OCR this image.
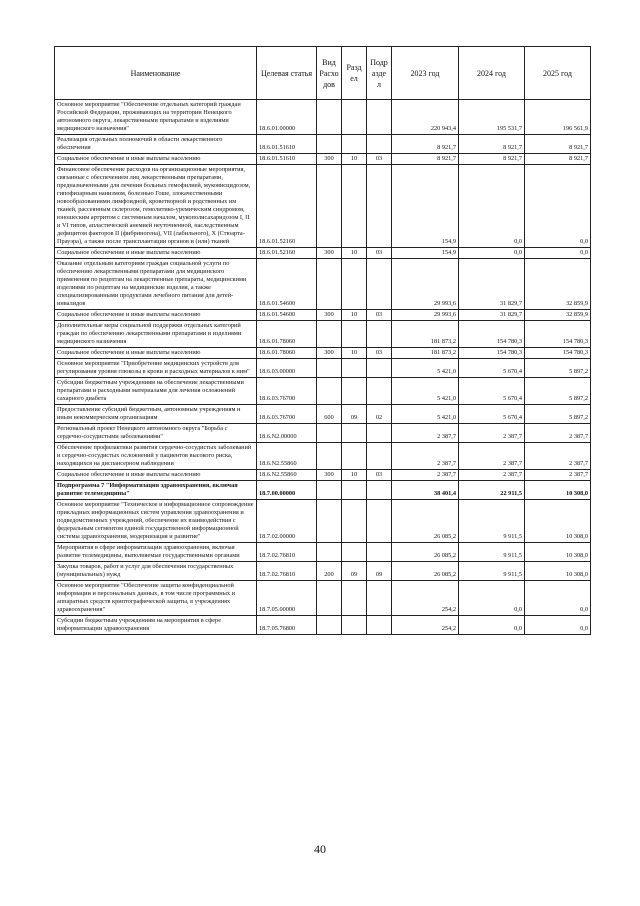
Наименование	Целевая статья	Вид Расхо дов	Разд ел	Подр азде л	2023 год	2024 год	2025 год
Основное мероприятие "Обеспечение отдельных категорий граждан Российской Федерации, проживающих на территории Ненецкого автономного округа, лекарственными препаратами и изделиями медицинского назначения"	18.6.01.00000				220 943,4	195 531,7	196 561,9
Реализация отдельных полномочий в области лекарственного обеспечения	18.6.01.51610				8 921,7	8 921,7	8 921,7
Социальное обеспечение и иные выплаты населению	18.6.01.51610	300	10	03	8 921,7	8 921,7	8 921,7
Финансовое обеспечение расходов на организационные мероприятия, связанные с обеспечением лиц лекарственными препаратами, предназначенными для лечения больных гемофилией, муковисцидозом, гипофизарным нанизмом, болезнью Гоше, злокачественными новообразованиями лимфоидной, кроветворной и родственных им тканей, рассеянным склерозом, гемолитико-уремическим синдромом, юношеским артритом с системным началом, мукополисахаридозом I, II и VI типов, апластической анемией неуточненной, наследственным дефицитом факторов II (фибриногена), VII (лабильного), X (Стюарта-Прауэра), а также после трансплантации органов и (или) тканей	18.6.01.52160				154,9	0,0	0,0
Социальное обеспечение и иные выплаты населению	18.6.01.52160	300	10	03	154,9	0,0	0,0
Оказание отдельным категориям граждан социальной услуги по обеспечению лекарственными препаратами для медицинского применения по рецептам на лекарственные препараты, медицинскими изделиями по рецептам на медицинские изделия, а также специализированными продуктами лечебного питания для детей-инвалидов	18.6.01.54600				29 993,6	31 829,7	32 859,9
Социальное обеспечение и иные выплаты населению	18.6.01.54600	300	10	03	29 993,6	31 829,7	32 859,9
Дополнительные меры социальной поддержки отдельных категорий граждан по обеспечению лекарственными препаратами и изделиями медицинского назначения	18.6.01.78060				181 873,2	154 780,3	154 780,3
Социальное обеспечение и иные выплаты населению	18.6.01.78060	300	10	03	181 873,2	154 780,3	154 780,3
Основное мероприятие "Приобретение медицинских устройств для регулирования уровня глюкозы в крови и расходных материалов к ним"	18.6.03.00000				5 421,0	5 670,4	5 897,2
Субсидии бюджетным учреждениям на обеспечение лекарственными препаратами и расходными материалами для лечения осложнений сахарного диабета	18.6.03.76700				5 421,0	5 670,4	5 897,2
Предоставление субсидий бюджетным, автономным учреждениям и иным некоммерческим организациям	18.6.03.76700	600	09	02	5 421,0	5 670,4	5 897,2
Региональный проект Ненецкого автономного округа "Борьба с сердечно-сосудистыми заболеваниями"	18.6.N2.00000				2 387,7	2 387,7	2 387,7
Обеспечение профилактики развития сердечно-сосудистых заболеваний и сердечно-сосудистых осложнений у пациентов высокого риска, находящихся на диспансерном наблюдении	18.6.N2.55860				2 387,7	2 387,7	2 387,7
Социальное обеспечение и иные выплаты населению	18.6.N2.55860	300	10	03	2 387,7	2 387,7	2 387,7
Подпрограмма 7 "Информатизация здравоохранения, включая развитие телемедицины"	18.7.00.00000				38 401,4	22 911,5	10 308,0
Основное мероприятие "Техническое и информационное сопровождение прикладных информационных систем управления здравоохранения и подведомственных учреждений, обеспечение их взаимодействия с федеральным сегментом единой государственной информационной системы здравоохранения, модернизация и развитие"	18.7.02.00000				26 085,2	9 911,5	10 308,0
Мероприятия в сфере информатизации здравоохранения, включая развитие телемедицины, выполняемые государственными органами	18.7.02.76810				26 085,2	9 911,5	10 308,0
Закупка товаров, работ и услуг для обеспечения государственных (муниципальных) нужд	18.7.02.76810	200	09	09	26 085,2	9 911,5	10 308,0
Основное мероприятие "Обеспечение защиты конфиденциальной информации и персональных данных, в том числе программных и аппаратных средств криптографической защиты, в учреждениях здравоохранения"	18.7.05.00000				254,2	0,0	0,0
Субсидии бюджетным учреждениям на мероприятия в сфере информатизации здравоохранения	18.7.05.76800				254,2	0,0	0,0
40
